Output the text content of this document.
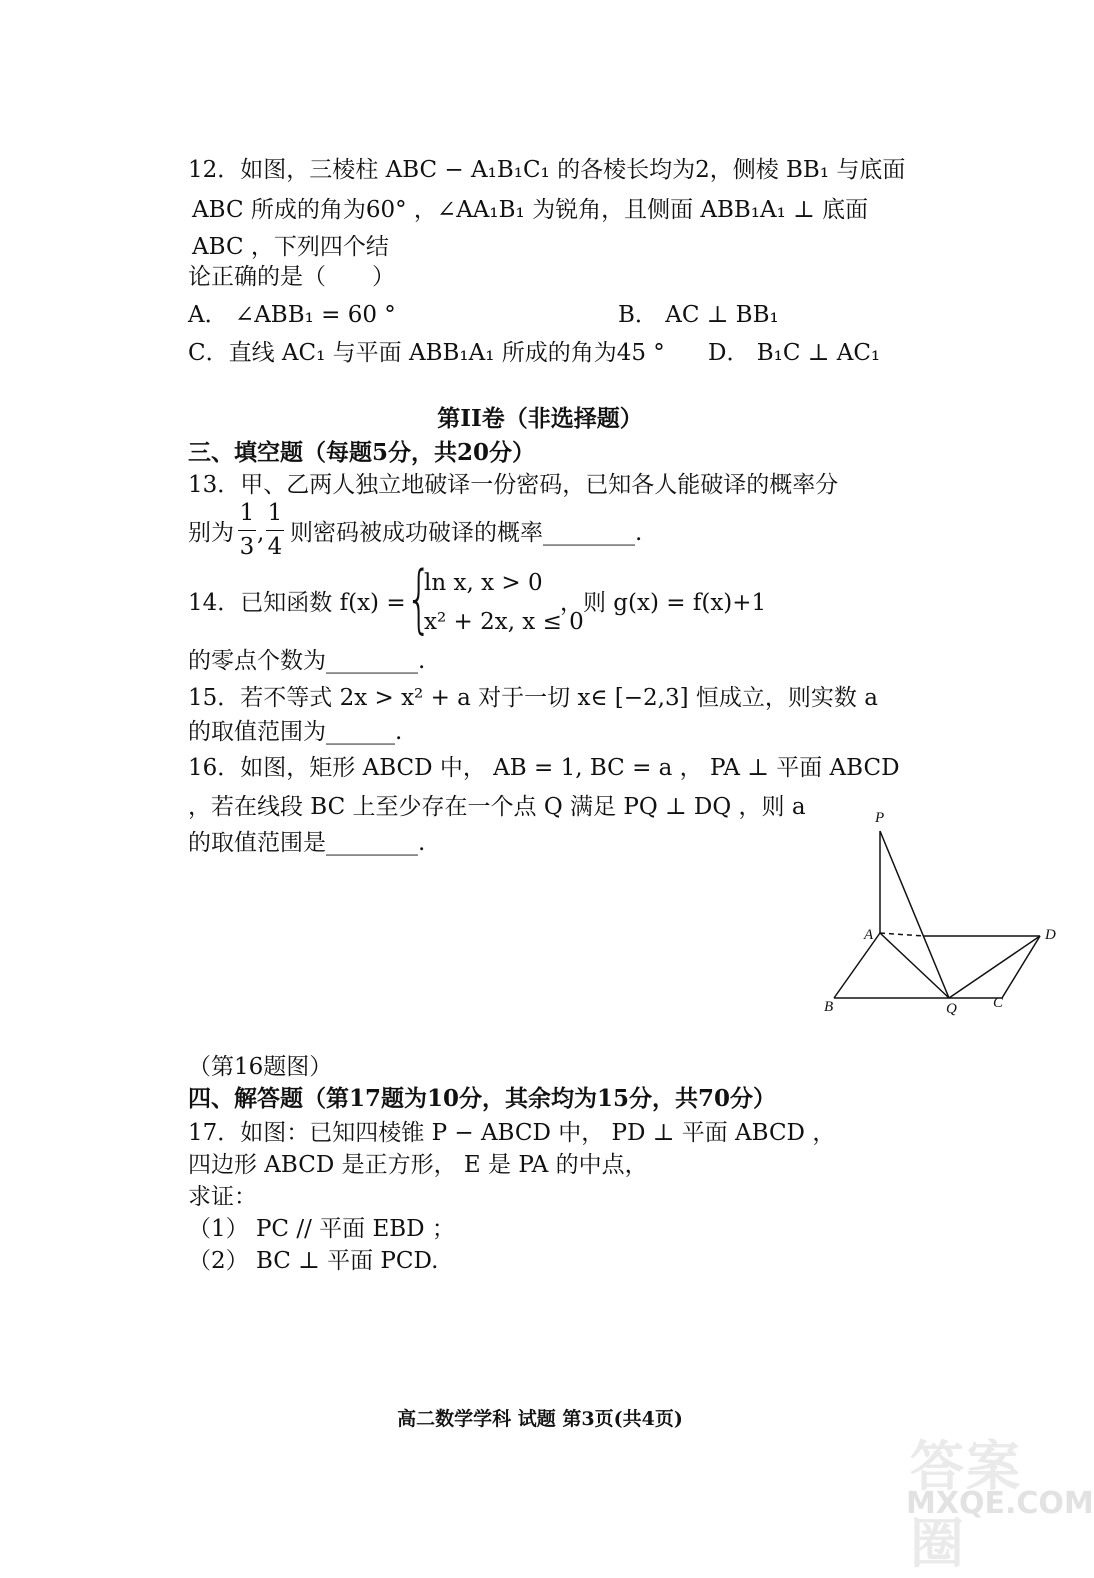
12．如图，三棱柱 ABC − A₁B₁C₁ 的各棱长均为2，侧棱 BB₁ 与底面
ABC 所成的角为60° ，∠AA₁B₁ 为锐角，且侧面 ABB₁A₁ ⊥ 底面
ABC ，下列四个结
论正确的是（　　）
A． ∠ABB₁ = 60 °	B． AC ⊥ BB₁
C．直线 AC₁ 与平面 ABB₁A₁ 所成的角为45 ° D． B₁C ⊥ AC₁
第II卷（非选择题）
三、填空题（每题5分，共20分）
13．甲、乙两人独立地破译一份密码，已知各人能破译的概率分
别为
1
3
,
1
4
则密码被成功破译的概率________.
14．已知函数 f(x) = {
ln x, x > 0
x² + 2x, x ≤ 0
，则 g(x) = f(x)+1
的零点个数为________.
15．若不等式 2x > x² + a 对于一切 x∈ [−2,3] 恒成立，则实数 a
的取值范围为______.
16．如图，矩形 ABCD 中， AB = 1, BC = a ， PA ⊥ 平面 ABCD
，若在线段 BC 上至少存在一个点 Q 满足 PQ ⊥ DQ ，则 a
的取值范围是________.
P
A	D
B	Q C
（第16题图）
四、解答题（第17题为10分，其余均为15分，共70分）
17．如图：已知四棱锥 P − ABCD 中， PD ⊥ 平面 ABCD ，
四边形 ABCD 是正方形， E 是 PA 的中点，
求证：
（1） PC // 平面 EBD ；
（2） BC ⊥ 平面 PCD.
高二数学学科 试题 第3页(共4页)
答案圈
MXQE.COM
